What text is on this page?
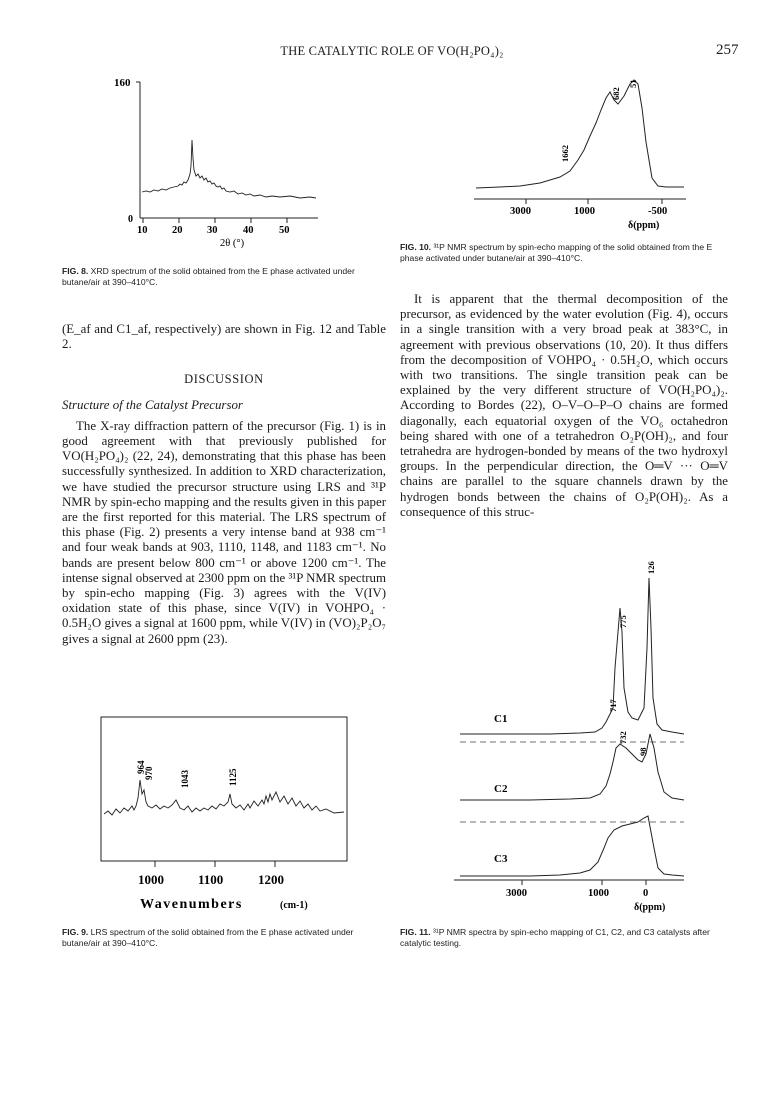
THE CATALYTIC ROLE OF VO(H₂PO₄)₂	257
160
0
10 20 30 40 50
2θ (°)
FIG. 8. XRD spectrum of the solid obtained from the E phase activated under butane/air at 390–410°C.
1662
682
51
3000	1000	-500
δ(ppm)
FIG. 10. ³¹P NMR spectrum by spin-echo mapping of the solid obtained from the E phase activated under butane/air at 390–410°C.

(E_af and C1_af, respectively) are shown in Fig. 12 and Table 2.

DISCUSSION

Structure of the Catalyst Precursor

The X-ray diffraction pattern of the precursor (Fig. 1) is in good agreement with that previously published for VO(H₂PO₄)₂ (22, 24), demonstrating that this phase has been successfully synthesized. In addition to XRD characterization, we have studied the precursor structure using LRS and ³¹P NMR by spin-echo mapping and the results given in this paper are the first reported for this material. The LRS spectrum of this phase (Fig. 2) presents a very intense band at 938 cm⁻¹ and four weak bands at 903, 1110, 1148, and 1183 cm⁻¹. No bands are present below 800 cm⁻¹ or above 1200 cm⁻¹. The intense signal observed at 2300 ppm on the ³¹P NMR spectrum by spin-echo mapping (Fig. 3) agrees with the V(IV) oxidation state of this phase, since V(IV) in VOHPO₄ · 0.5H₂O gives a signal at 1600 ppm, while V(IV) in (VO)₂P₂O₇ gives a signal at 2600 ppm (23).

It is apparent that the thermal decomposition of the precursor, as evidenced by the water evolution (Fig. 4), occurs in a single transition with a very broad peak at 383°C, in agreement with previous observations (10, 20). It thus differs from the decomposition of VOHPO₄ · 0.5H₂O, which occurs with two transitions. The single transition peak can be explained by the very different structure of VO(H₂PO₄)₂. According to Bordes (22), O–V–O–P–O chains are formed diagonally, each equatorial oxygen of the VO₆ octahedron being shared with one of a tetrahedron O₂P(OH)₂, and four tetrahedra are hydrogen-bonded by means of the two hydroxyl groups. In the perpendicular direction, the O═V ··· O═V chains are parallel to the square channels drawn by the hydrogen bonds between the chains of O₂P(OH)₂. As a consequence of this struc-

964
970	1043	1125
1000	1100	1200
Wavenumbers	(cm-1)
FIG. 9. LRS spectrum of the solid obtained from the E phase activated under butane/air at 390–410°C.
C1
C2
C3
126
775
717
732
98
3000	1000	0
δ(ppm)
FIG. 11. ³¹P NMR spectra by spin-echo mapping of C1, C2, and C3 catalysts after catalytic testing.
